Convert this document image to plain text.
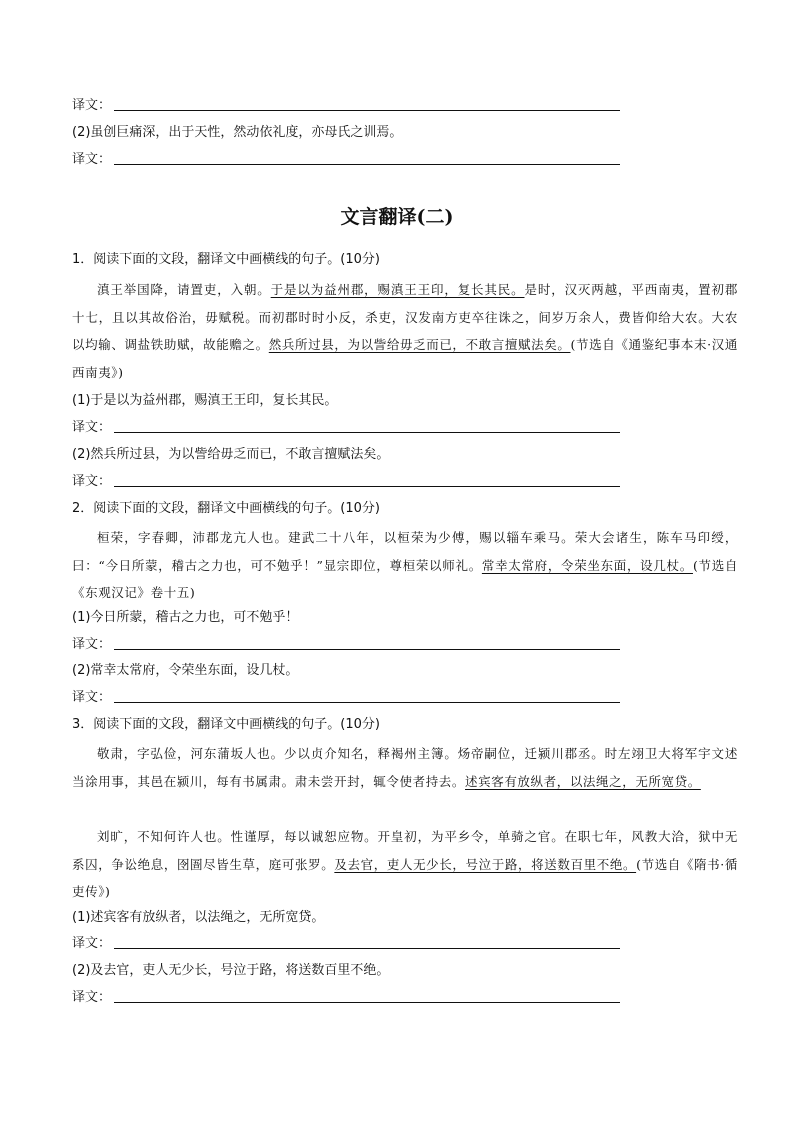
译文：
(2)虽创巨痛深，出于天性，然动依礼度，亦母氏之训焉。
译文：
文言翻译(二)
1．阅读下面的文段，翻译文中画横线的句子。(10分)
滇王举国降，请置吏，入朝。于是以为益州郡，赐滇王王印，复长其民。是时，汉灭两越，平西南夷，置初郡十七，且以其故俗治，毋赋税。而初郡时时小反，杀吏，汉发南方吏卒往诛之，间岁万余人，费皆仰给大农。大农以均输、调盐铁助赋，故能赡之。然兵所过县，为以訾给毋乏而已，不敢言擅赋法矣。(节选自《通鉴纪事本末·汉通西南夷》)
(1)于是以为益州郡，赐滇王王印，复长其民。
译文：
(2)然兵所过县，为以訾给毋乏而已，不敢言擅赋法矣。
译文：
2．阅读下面的文段，翻译文中画横线的句子。(10分)
桓荣，字春卿，沛郡龙亢人也。建武二十八年，以桓荣为少傅，赐以辎车乘马。荣大会诸生，陈车马印绶，曰：“今日所蒙，稽古之力也，可不勉乎！”显宗即位，尊桓荣以师礼。常幸太常府，令荣坐东面，设几杖。(节选自《东观汉记》卷十五)
(1)今日所蒙，稽古之力也，可不勉乎！
译文：
(2)常幸太常府，令荣坐东面，设几杖。
译文：
3．阅读下面的文段，翻译文中画横线的句子。(10分)
敬肃，字弘俭，河东蒲坂人也。少以贞介知名，释褐州主簿。炀帝嗣位，迁颍川郡丞。时左翊卫大将军宇文述当涂用事，其邑在颍川，每有书属肃。肃未尝开封，辄令使者持去。述宾客有放纵者，以法绳之，无所宽贷。
刘旷，不知何许人也。性谨厚，每以诚恕应物。开皇初，为平乡令，单骑之官。在职七年，风教大洽，狱中无系囚，争讼绝息，囹圄尽皆生草，庭可张罗。及去官，吏人无少长，号泣于路，将送数百里不绝。(节选自《隋书·循吏传》)
(1)述宾客有放纵者，以法绳之，无所宽贷。
译文：
(2)及去官，吏人无少长，号泣于路，将送数百里不绝。
译文：
